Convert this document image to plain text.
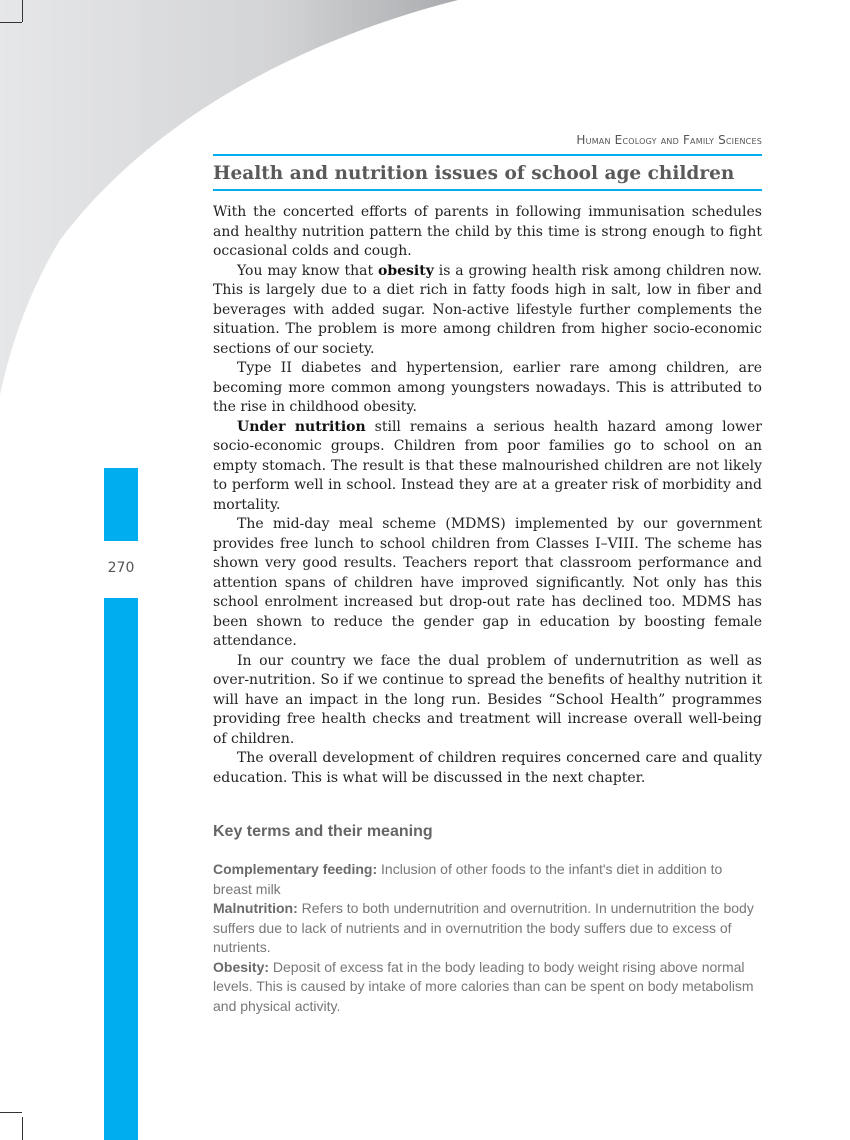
270
Human Ecology and Family Sciences
Health and nutrition issues of school age children

With the concerted efforts of parents in following immunisation schedules and healthy nutrition pattern the child by this time is strong enough to fight occasional colds and cough.

You may know that obesity is a growing health risk among children now. This is largely due to a diet rich in fatty foods high in salt, low in fiber and beverages with added sugar. Non-active lifestyle further complements the situation. The problem is more among children from higher socio-economic sections of our society.

Type II diabetes and hypertension, earlier rare among children, are becoming more common among youngsters nowadays. This is attributed to the rise in childhood obesity.

Under nutrition still remains a serious health hazard among lower socio-economic groups. Children from poor families go to school on an empty stomach. The result is that these malnourished children are not likely to perform well in school. Instead they are at a greater risk of morbidity and mortality.

The mid-day meal scheme (MDMS) implemented by our government provides free lunch to school children from Classes I–VIII. The scheme has shown very good results. Teachers report that classroom performance and attention spans of children have improved significantly. Not only has this school enrolment increased but drop-out rate has declined too. MDMS has been shown to reduce the gender gap in education by boosting female attendance.

In our country we face the dual problem of undernutrition as well as over-nutrition. So if we continue to spread the benefits of healthy nutrition it will have an impact in the long run. Besides “School Health” programmes providing free health checks and treatment will increase overall well-being of children.

The overall development of children requires concerned care and quality education. This is what will be discussed in the next chapter.

Key terms and their meaning

Complementary feeding: Inclusion of other foods to the infant's diet in addition to breast milk

Malnutrition: Refers to both undernutrition and overnutrition. In undernutrition the body suffers due to lack of nutrients and in overnutrition the body suffers due to excess of nutrients.

Obesity: Deposit of excess fat in the body leading to body weight rising above normal levels. This is caused by intake of more calories than can be spent on body metabolism and physical activity.
